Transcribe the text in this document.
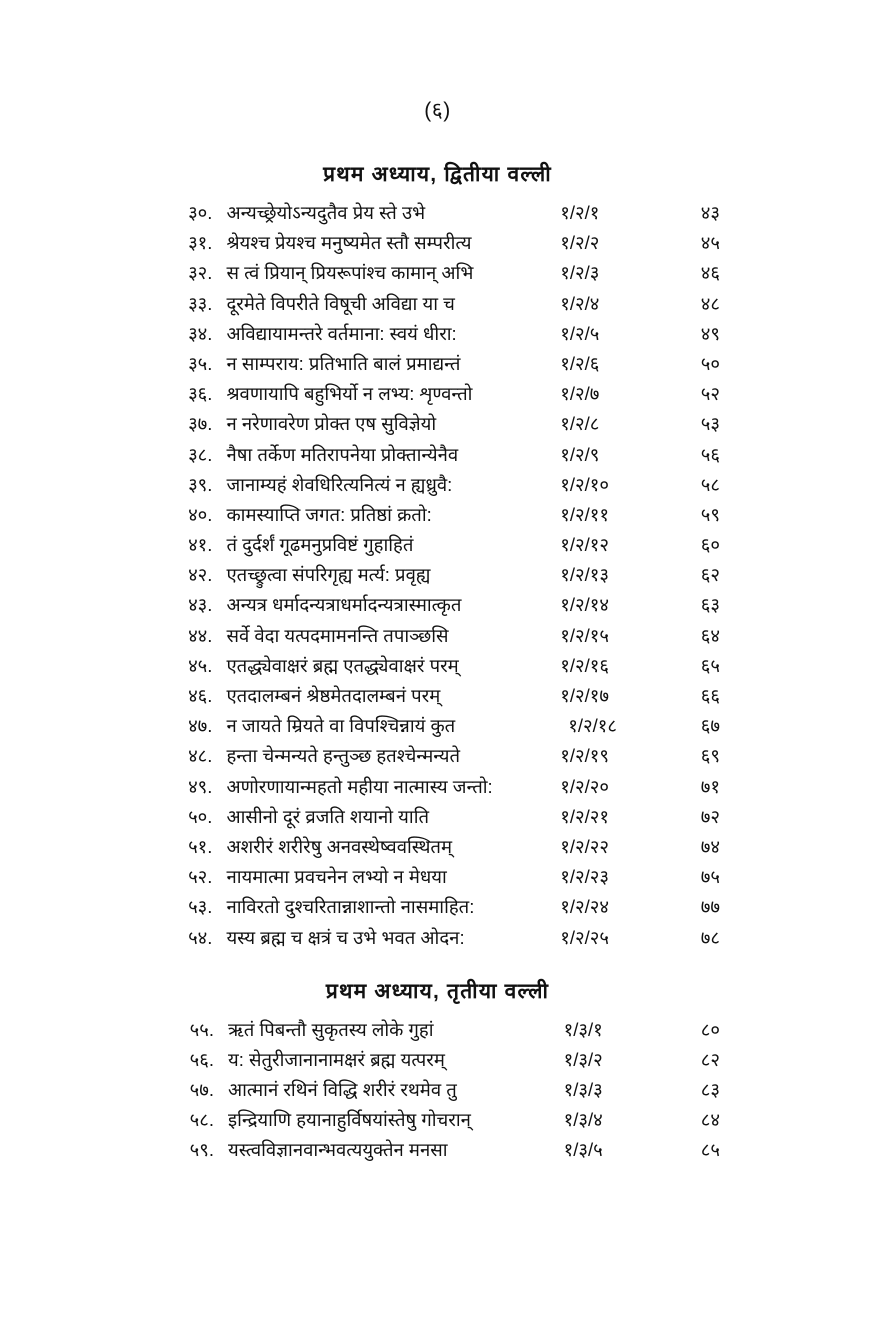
(६)
प्रथम अध्याय, द्वितीया वल्ली
३०.	अन्यच्छ्रेयोऽन्यदुतैव प्रेय स्ते उभे	१/२/१	४३
३१.	श्रेयश्च प्रेयश्च मनुष्यमेत स्तौ सम्परीत्य	१/२/२	४५
३२.	स त्वं प्रियान् प्रियरूपांश्च कामान् अभि	१/२/३	४६
३३.	दूरमेते विपरीते विषूची अविद्या या च	१/२/४	४८
३४.	अविद्यायामन्तरे वर्तमाना: स्वयं धीरा:	१/२/५	४९
३५.	न साम्पराय: प्रतिभाति बालं प्रमाद्यन्तं	१/२/६	५०
३६.	श्रवणायापि बहुभिर्यो न लभ्य: शृण्वन्तो	१/२/७	५२
३७.	न नरेणावरेण प्रोक्त एष सुविज्ञेयो	१/२/८	५३
३८.	नैषा तर्केण मतिरापनेया प्रोक्तान्येनैव	१/२/९	५६
३९.	जानाम्यहं शेवधिरित्यनित्यं न ह्यध्रुवै:	१/२/१०	५८
४०.	कामस्याप्ति जगत: प्रतिष्ठां क्रतो:	१/२/११	५९
४१.	तं दुर्दर्शं गूढमनुप्रविष्टं गुहाहितं	१/२/१२	६०
४२.	एतच्छ्रुत्वा संपरिगृह्य मर्त्य: प्रवृह्य	१/२/१३	६२
४३.	अन्यत्र धर्मादन्यत्राधर्मादन्यत्रास्मात्कृत	१/२/१४	६३
४४.	सर्वे वेदा यत्पदमामनन्ति तपाञ्छसि	१/२/१५	६४
४५.	एतद्ध्येवाक्षरं ब्रह्म एतद्ध्येवाक्षरं परम्	१/२/१६	६५
४६.	एतदालम्बनं श्रेष्ठमेतदालम्बनं परम्	१/२/१७	६६
४७.	न जायते म्रियते वा विपश्चिन्नायं कुत	१/२/१८	६७
४८.	हन्ता चेन्मन्यते हन्तुञ्छ हतश्चेन्मन्यते	१/२/१९	६९
४९.	अणोरणायान्महतो महीया नात्मास्य जन्तो:	१/२/२०	७१
५०.	आसीनो दूरं व्रजति शयानो याति	१/२/२१	७२
५१.	अशरीरं शरीरेषु अनवस्थेष्ववस्थितम्	१/२/२२	७४
५२.	नायमात्मा प्रवचनेन लभ्यो न मेधया	१/२/२३	७५
५३.	नाविरतो दुश्चरितान्नाशान्तो नासमाहित:	१/२/२४	७७
५४.	यस्य ब्रह्म च क्षत्रं च उभे भवत ओदन:	१/२/२५	७८
प्रथम अध्याय, तृतीया वल्ली
५५.	ऋतं पिबन्तौ सुकृतस्य लोके गुहां	१/३/१	८०
५६.	य: सेतुरीजानानामक्षरं ब्रह्म यत्परम्	१/३/२	८२
५७.	आत्मानं रथिनं विद्धि शरीरं रथमेव तु	१/३/३	८३
५८.	इन्द्रियाणि हयानाहुर्विषयांस्तेषु गोचरान्	१/३/४	८४
५९.	यस्त्वविज्ञानवान्भवत्ययुक्तेन मनसा	१/३/५	८५
